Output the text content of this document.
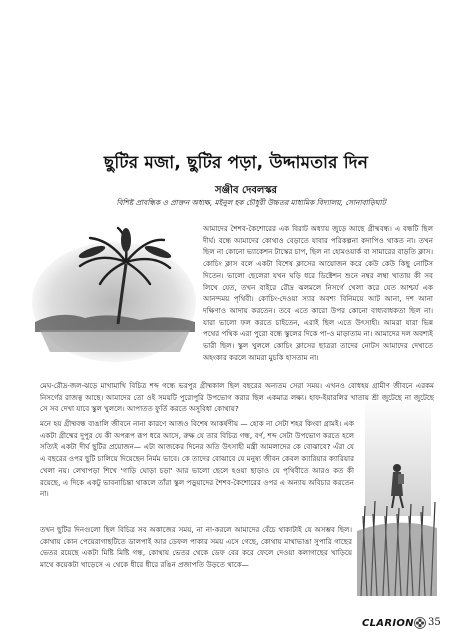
ছুটির মজা, ছুটির পড়া, উদ্দামতার দিন
সঞ্জীব দেবলস্কর
বিশিষ্ট প্রাবন্ধিক ও প্রাক্তন অধ্যক্ষ, মইনুল হক চৌধুরী উচ্চতর মাধ্যমিক বিদ্যালয়, সোনাবাড়িঘাট

আমাদের শৈশব-কৈশোরের এক বিরাট অধ্যায় জুড়ে আছে গ্রীষ্মবন্ধ। এ বন্ধটি ছিল দীর্ঘ। বন্ধে আমাদের কোথাও বেড়াতে যাবার পরিকল্পনা কদাপিও থাকত না। তখন ছিল না কোনো ভ্যাকেশন টাস্কের চাপ, ছিল না হোমওয়ার্ক বা সামারের বাড়তি ক্লাস। কোচিং ক্লাস বলে একটা বিশেষ ক্লাসের আয়োজন করে কেউ কেউ কিছু নোটিস দিতেন। ভালো ছেলেরা যখন ঘড়ি ধরে ডিক্টেশন শুনে নম্বর লম্বা খাতায় কী সব লিখে যেত, তখন বাইরে রৌদ্র ঝলমলে নিসর্গে খেলা করে যেত আশ্চর্য এক আনন্দময় পৃথিবী। কোচিং-দেওয়া স্যার অবশ্য বিনিময়ে আট আনা, দশ আনা দক্ষিণাও আদায় করতেন। তবে এতে কারো উপর কোনো বাধ্যবাধকতা ছিল না। যারা ভালো ফল করতে চাইতেন, এরাই ছিল এতে উৎসাহী। আমরা যারা ভিন্ন পথের পথিক এরা পুরো বন্ধে স্কুলের দিকে পা-ও মাড়াতাম না। আমাদের দল অবশ্যই ভারী ছিল। স্কুল খুললে কোচিং ক্লাসের ছাত্ররা তাদের নোটস আমাদের দেখাতে অহংকার করলে আমরা মুচকি হাসতাম না।

মেঘ-রৌদ্র-জল-ঝড়ে মাখামাখি বিচিত্র শব্দ গন্ধে ভরপুর গ্রীষ্মকাল ছিল বছরের অন্যতম সেরা সময়। এখনও বোধহয় গ্রামীণ জীবনে এরকম নিসর্গের রাজত্ব আছে। আমাদের তো ওই সময়টি পুরোপুরি উপভোগ করার ছিল একমাত্র লক্ষ্য। হাফ-ইয়ারলির খাতায় শ্রী জুটেছে না জুটেছে সে সব দেখা যাবে স্কুল খুললে। আপাতত ফুর্তি করতে অসুবিধা কোথায়?

মনে হয় গ্রীষ্মবন্ধ বাঙালি জীবনে নানা কারণে আজও বিশেষ আকর্ষণীয় — হোক না সেটা শহর কিংবা গ্রামই। এক একটা গ্রীষ্মের দুপুর যে কী অপরূপ রূপ ধরে আসে, রুক্ষ যে তার বিচিত্র গন্ধ, বর্ণ, শব্দ সেটা উপভোগ করতে হলে সত্যিই একটা দীর্ঘ ছুটির প্রয়োজন— এটা আজকের দিনের অতি উৎসাহী মন্ত্রী আমলাদের কে বোঝাবে? এঁরা যে এ বছরের ওপর ছুটি চালিয়ে দিয়েছেন নির্মম ভাবে। কে তাদের বোঝাবে যে মনুষ্য জীবন কেবল ক্যারিয়ার ক্যারিয়ার খেলা নয়। লেখাপড়া শিখে 'গাড়ি ঘোড়া চড়া' আর ভালো ছেলে হওয়া ছাড়াও যে পৃথিবীতে আরও কত কী রয়েছে, এ দিকে একটু ভাবনাচিন্তা থাকলে তাঁরা স্কুল পড়ুয়াদের শৈশব-কৈশোরের ওপর এ অন্যায় অবিচার করতেন না।

তখন ছুটির দিনগুলো ছিল বিচিত্র সব অকাজের সময়, না না-করলে আমাদের বেঁচে থাকাটাই যে অসম্ভব ছিল। কোথায় কোন পেয়েরাগাছটিতে ডালপাই আর ডেফল পাকার সময় এসে গেছে, কোথায় মাথাভাঙা সুপারি গাছের ভেতর রয়েছে একটা মিষ্টি মিষ্টি গন্ধ, কোথায় ভেতর থেকে ডেফ বের করে ফেলে দেওয়া কলাগাছের খাড়িয়ে মাথে কয়েকটা খাড়েসে এ থেকে ধীরে ধীরে রঙিন প্রজাপতি উড়তে থাকে—

CLARION 35
